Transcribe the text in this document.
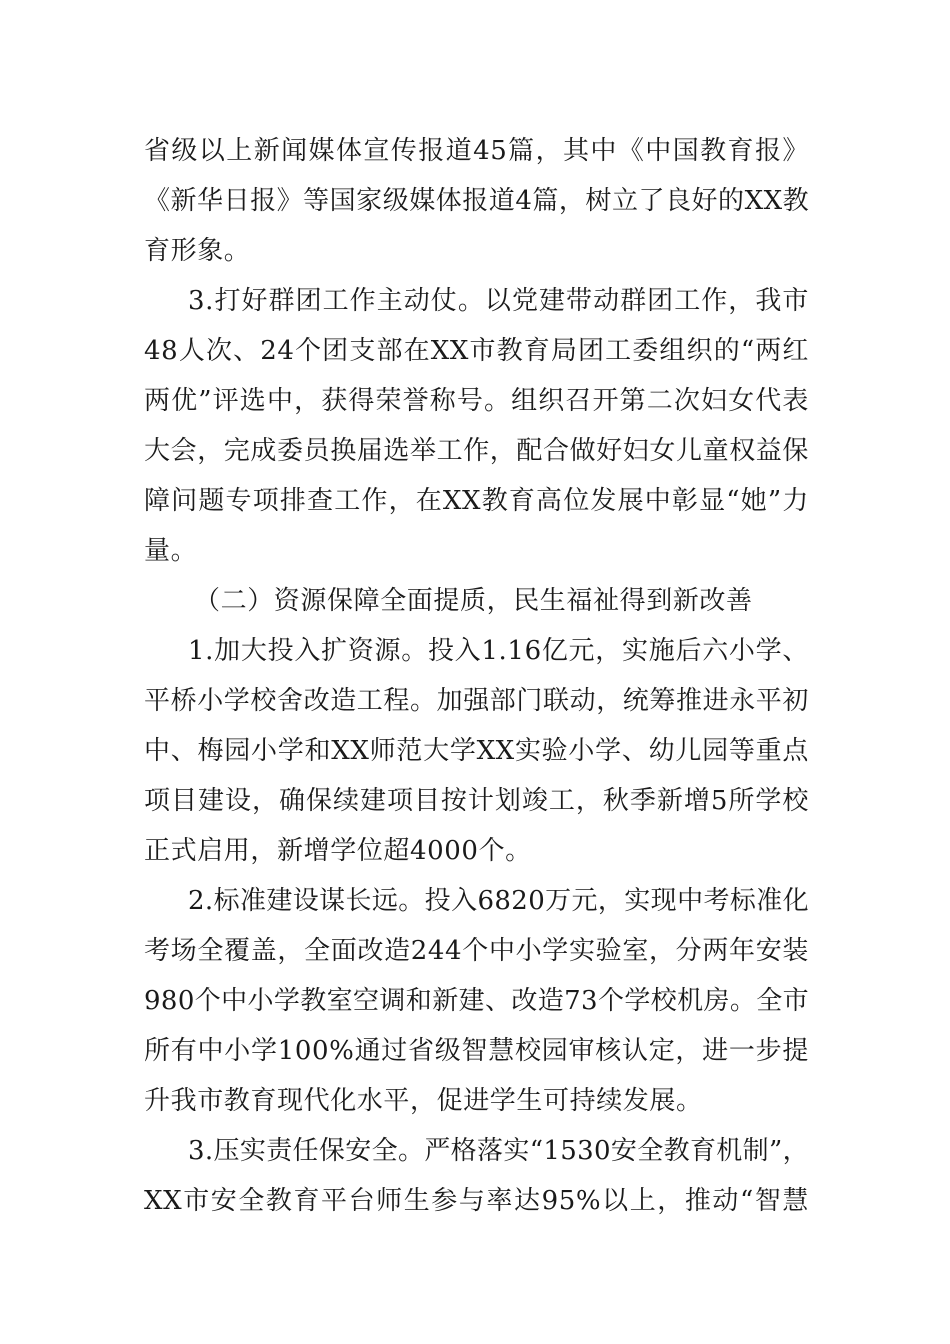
省级以上新闻媒体宣传报道45篇，其中《中国教育报》
《新华日报》等国家级媒体报道4篇，树立了良好的XX教
育形象。

3.打好群团工作主动仗。以党建带动群团工作，我市
48人次、24个团支部在XX市教育局团工委组织的“两红
两优”评选中，获得荣誉称号。组织召开第二次妇女代表
大会，完成委员换届选举工作，配合做好妇女儿童权益保
障问题专项排查工作，在XX教育高位发展中彰显“她”力
量。

（二）资源保障全面提质，民生福祉得到新改善

1.加大投入扩资源。投入1.16亿元，实施后六小学、
平桥小学校舍改造工程。加强部门联动，统筹推进永平初
中、梅园小学和XX师范大学XX实验小学、幼儿园等重点
项目建设，确保续建项目按计划竣工，秋季新增5所学校
正式启用，新增学位超4000个。

2.标准建设谋长远。投入6820万元，实现中考标准化
考场全覆盖，全面改造244个中小学实验室，分两年安装
980个中小学教室空调和新建、改造73个学校机房。全市
所有中小学100%通过省级智慧校园审核认定，进一步提
升我市教育现代化水平，促进学生可持续发展。

3.压实责任保安全。严格落实“1530安全教育机制”，
XX市安全教育平台师生参与率达95%以上，推动“智慧
